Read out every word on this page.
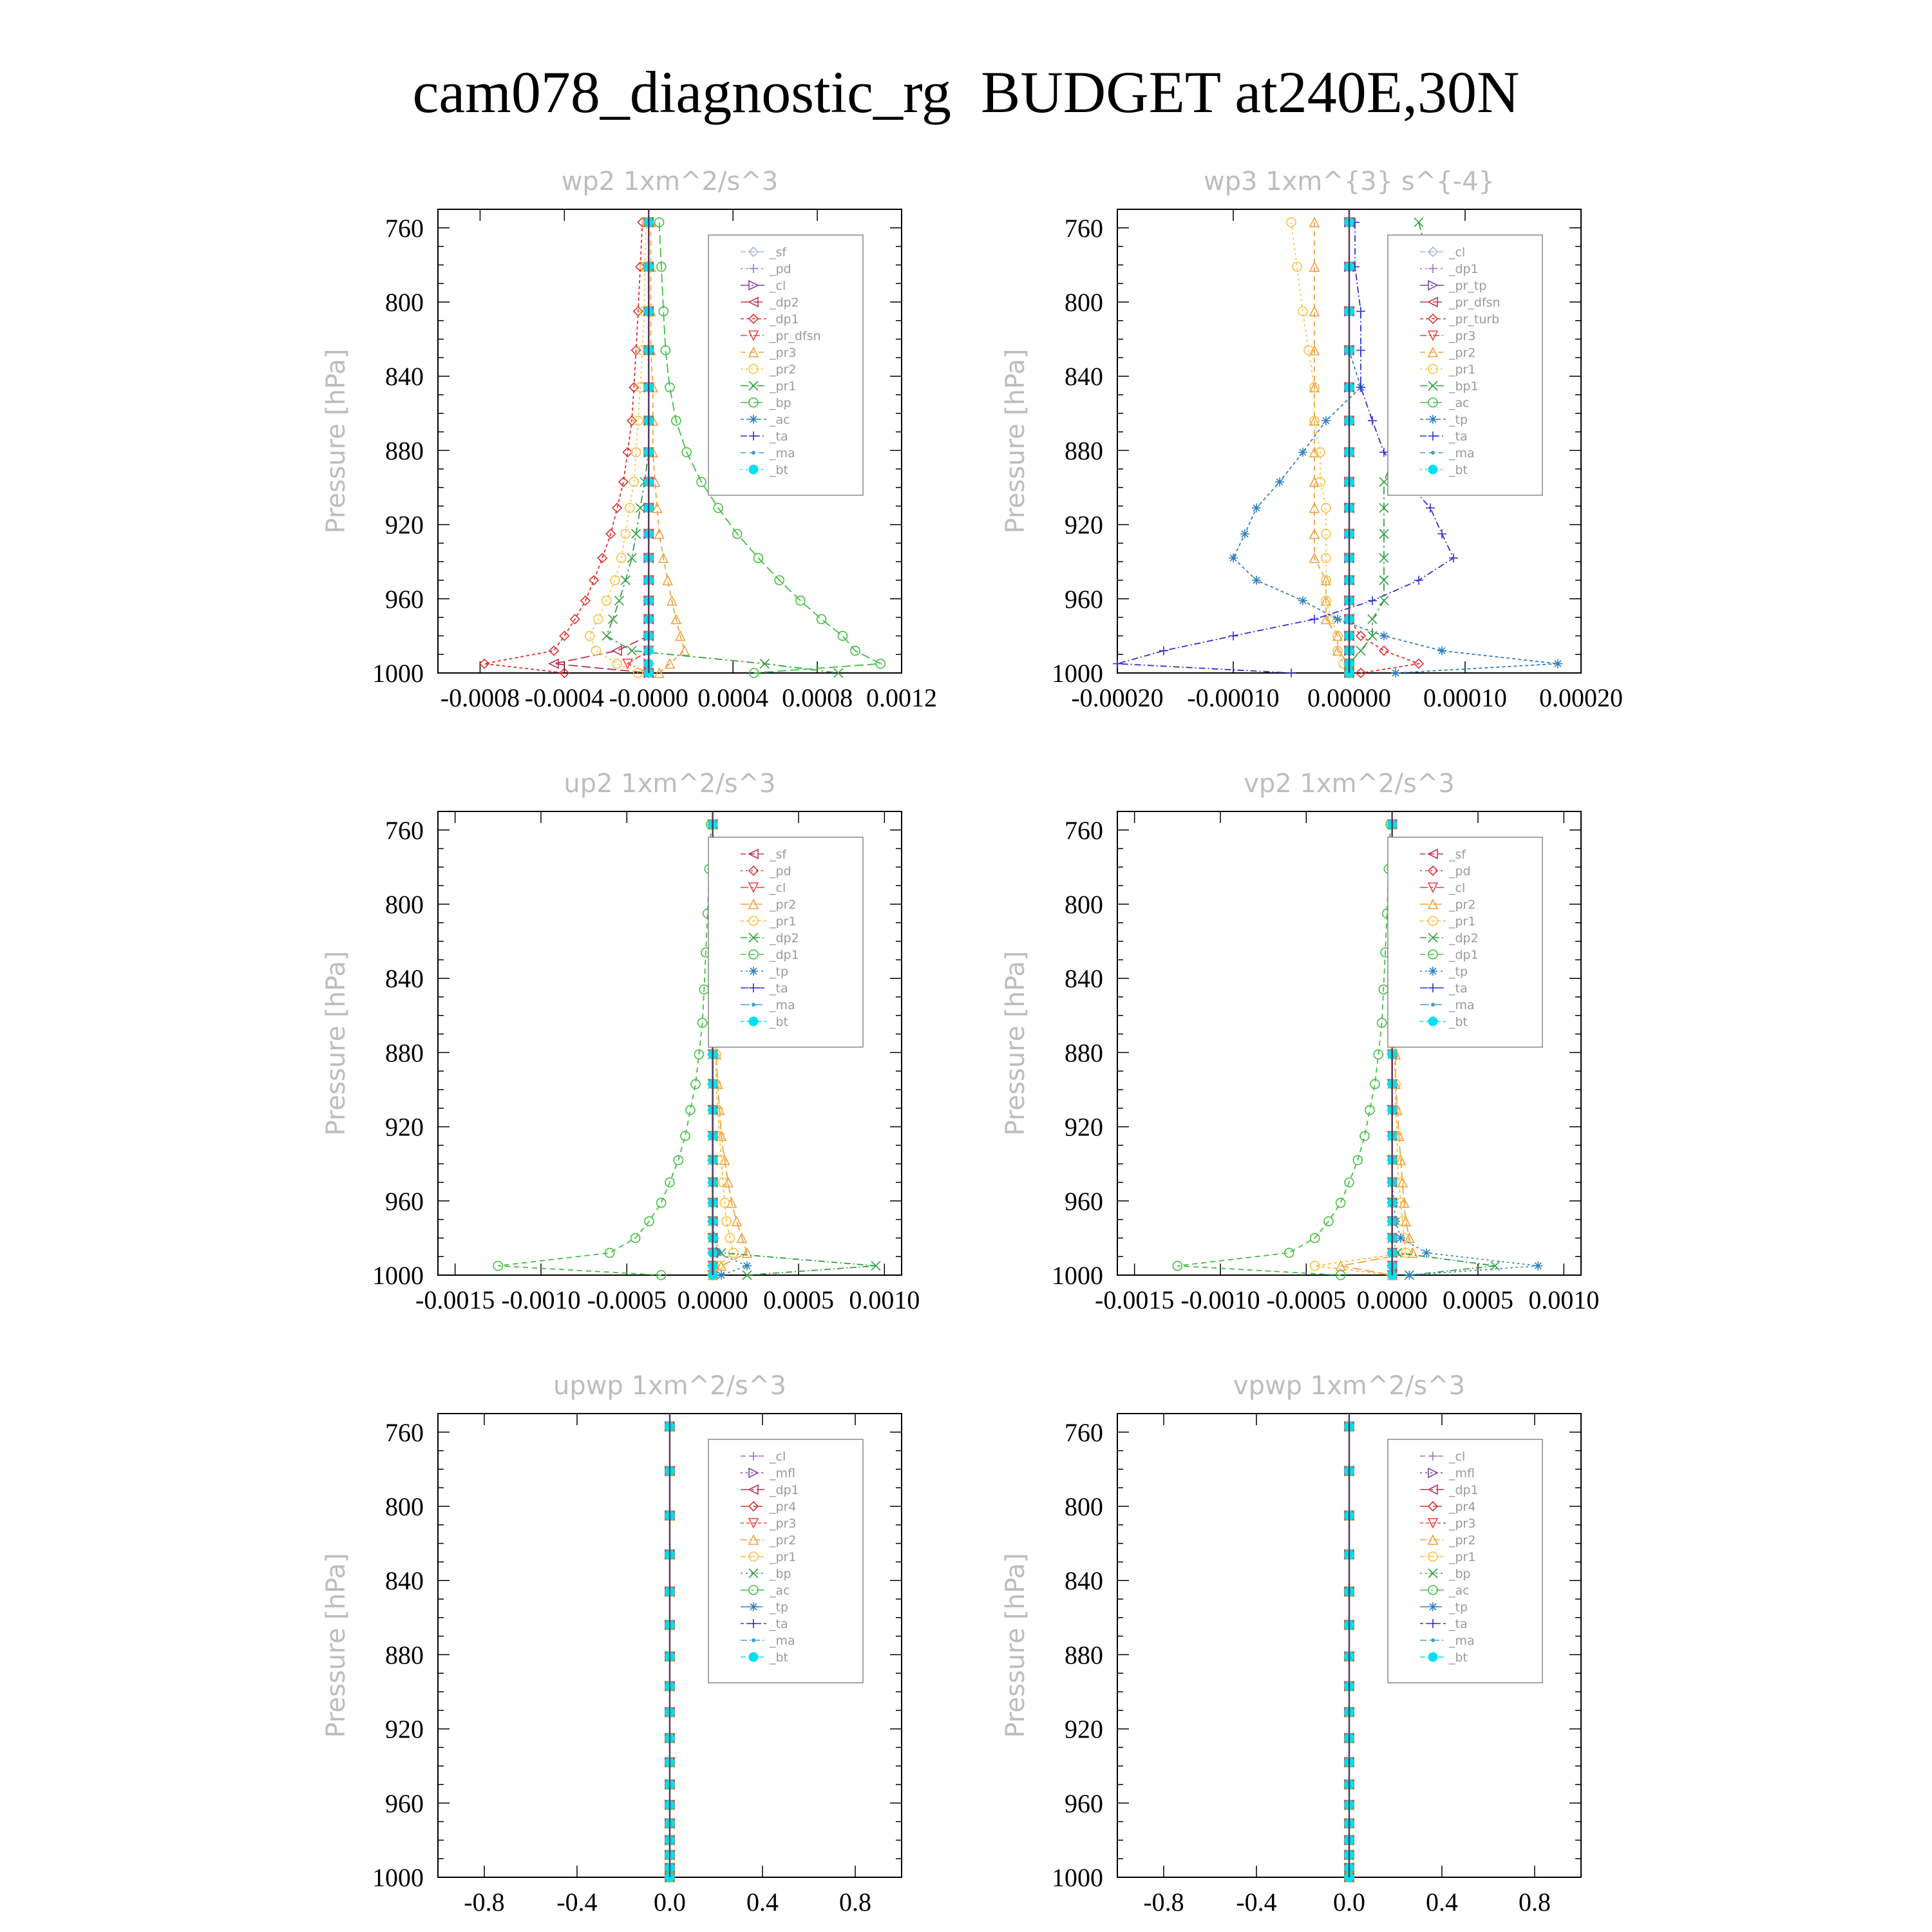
cam078_diagnostic_rg  BUDGET at240E,30N
wp2 1xm^2/s^3
Pressure [hPa]
760
800
840
880
920
960
1000
-0.0008 -0.0004 -0.0000 0.0004 0.0008 0.0012
_sf
_pd
_cl
_dp2
_dp1
_pr_dfsn
_pr3
_pr2
_pr1
_bp
_ac
_ta
_ma
_bt
wp3 1xm^{3} s^{-4}
Pressure [hPa]
760
800
840
880
920
960
1000
-0.00020 -0.00010 0.00000 0.00010 0.00020
_cl
_dp1
_pr_tp
_pr_dfsn
_pr_turb
_pr3
_pr2
_pr1
_bp1
_ac
_tp
_ta
_ma
_bt
up2 1xm^2/s^3
Pressure [hPa]
760
800
840
880
920
960
1000
-0.0015 -0.0010 -0.0005 0.0000 0.0005 0.0010
_sf
_pd
_cl
_pr2
_pr1
_dp2
_dp1
_tp
_ta
_ma
_bt
vp2 1xm^2/s^3
Pressure [hPa]
760
800
840
880
920
960
1000
-0.0015 -0.0010 -0.0005 0.0000 0.0005 0.0010
_sf
_pd
_cl
_pr2
_pr1
_dp2
_dp1
_tp
_ta
_ma
_bt
upwp 1xm^2/s^3
Pressure [hPa]
760
800
840
880
920
960
1000
-0.8 -0.4 0.0 0.4 0.8
_cl
_mfl
_dp1
_pr4
_pr3
_pr2
_pr1
_bp
_ac
_tp
_ta
_ma
_bt
vpwp 1xm^2/s^3
Pressure [hPa]
760
800
840
880
920
960
1000
-0.8 -0.4 0.0 0.4 0.8
_cl
_mfl
_dp1
_pr4
_pr3
_pr2
_pr1
_bp
_ac
_tp
_ta
_ma
_bt
